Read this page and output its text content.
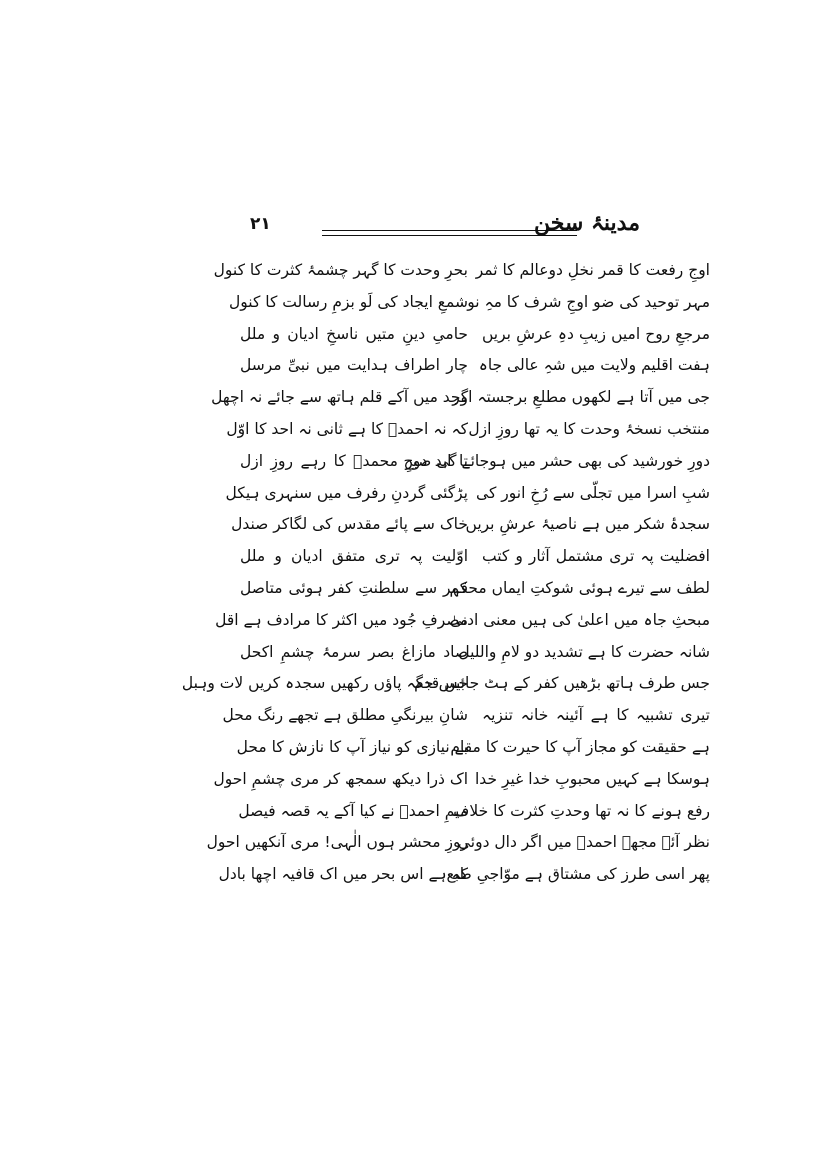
۲۱	مدینۂ سخن
اوجِ رفعت کا قمر نخلِ دوعالم کا ثمر
مہر توحید کی ضو اوجِ شرف کا مہِ نو
مرجعِ روح امیں زیبِ دہِ عرشِ بریں
ہفت اقلیم ولایت میں شہِ عالی جاہ
جی میں آتا ہے لکھوں مطلعِ برجستہ اگر
منتخب نسخۂ وحدت کا یہ تھا روزِ ازل
دورِ خورشید کی بھی حشر میں ہوجائے گی صبح
شبِ اسرا میں تجلّی سے رُخِ انور کی
سجدۂ شکر میں ہے ناصیۂ عرشِ بریں
افضلیت پہ تری مشتمل آثار و کتب
لطف سے تیرے ہوئی شوکتِ ایماں محکم
مبحثِ جاہ میں اعلیٰ کی ہیں معنی ادنیٰ
شانہ حضرت کا ہے تشدید دو لامِ واللیل
جس طرف ہاتھ بڑھیں کفر کے ہٹ جائیں قدم
تیری تشبیہ کا ہے آئینہ خانہ تنزیہ
ہے حقیقت کو مجاز آپ کا حیرت کا مقام
ہوسکا ہے کہیں محبوبِ خدا غیرِ خدا
رفع ہونے کا نہ تھا وحدتِ کثرت کا خلاف
نظر آئے مجھے احمدؐ میں اگر دال دوئی
پھر اسی طرز کی مشتاق ہے موّاجیِ طبع
بحرِ وحدت کا گہر چشمۂ کثرت کا کنول
شمعِ ایجاد کی لَو بزمِ رسالت کا کنول
حامیِ دینِ متیں ناسخِ ادیان و ملل
چار اطراف ہدایت میں نبیِّ مرسل
وجد میں آکے قلم ہاتھ سے جائے نہ اچھل
کہ نہ احمدؐ کا ہے ثانی نہ احد کا اوّل
تا ابد دورِ محمدؐ کا رہے روزِ ازل
پڑگئی گردنِ رفرف میں سنہری ہیکل
خاک سے پائے مقدس کی لگاکر صندل
اوّلیت پہ تری متفق ادیان و ملل
قہر سے سلطنتِ کفر ہوئی متاصل
مصرفِ جُود میں اکثر کا مرادف ہے اقل
صاد مازاغ بصر سرمۂ چشمِ اکحل
جس جگہ پاؤں رکھیں سجدہ کریں لات وہبل
شانِ بیرنگیِ مطلق ہے تجھے رنگ محل
بے نیازی کو نیاز آپ کا نازش کا محل
اک ذرا دیکھ سمجھ کر مری چشمِ احول
میمِ احمدؐ نے کیا آکے یہ قصہ فیصل
روزِ محشر ہوں الٰہی! مری آنکھیں احول
کہ ہے اس بحر میں اک قافیہ اچھا بادل
